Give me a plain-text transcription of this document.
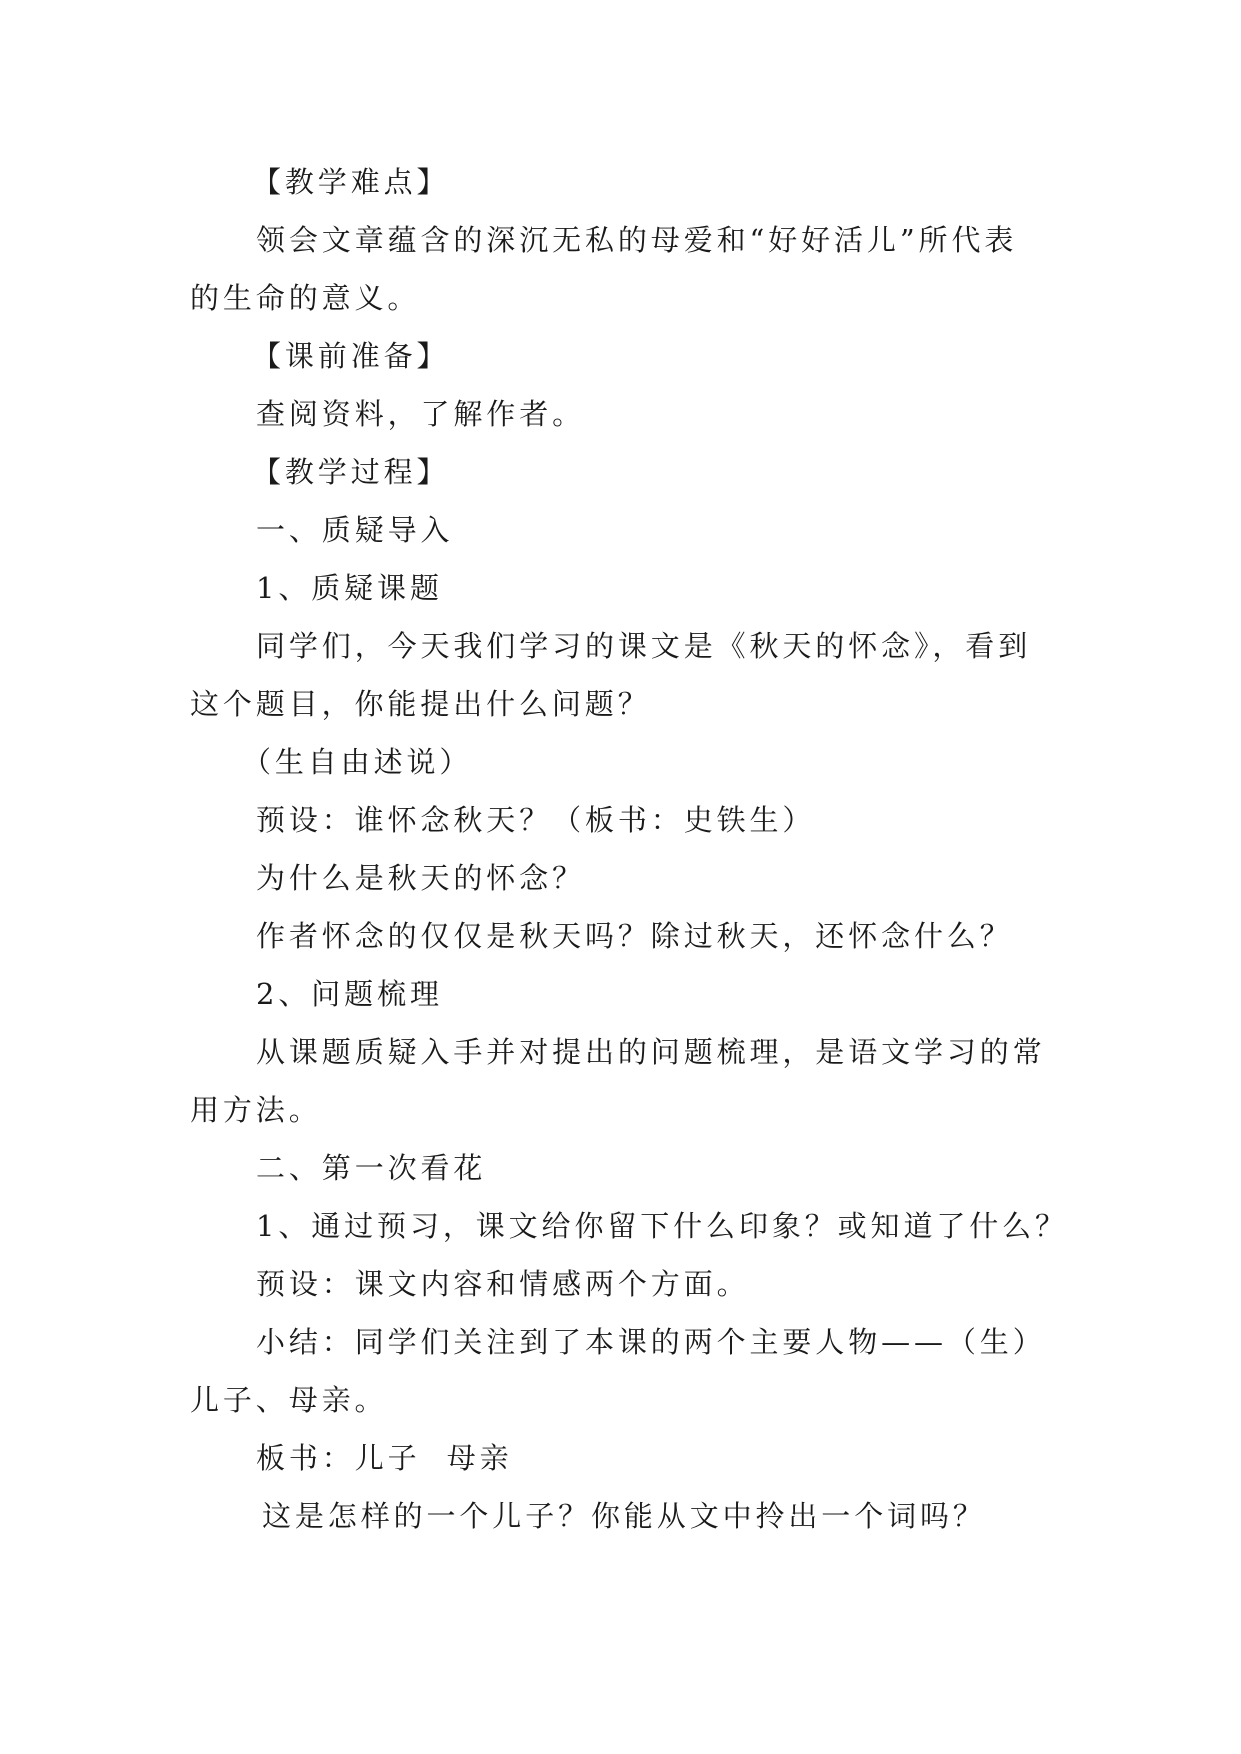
【教学难点】
领会文章蕴含的深沉无私的母爱和“好好活儿”所代表
的生命的意义。
【课前准备】
查阅资料，了解作者。
【教学过程】
一、质疑导入
1、质疑课题
同学们，今天我们学习的课文是《秋天的怀念》，看到
这个题目，你能提出什么问题？
（生自由述说）
预设：谁怀念秋天？（板书：史铁生）
为什么是秋天的怀念？
作者怀念的仅仅是秋天吗？除过秋天，还怀念什么？
2、问题梳理
从课题质疑入手并对提出的问题梳理，是语文学习的常
用方法。
二、第一次看花
1、通过预习，课文给你留下什么印象？或知道了什么？
预设：课文内容和情感两个方面。
小结：同学们关注到了本课的两个主要人物——（生）
儿子、母亲。
板书：儿子  母亲
这是怎样的一个儿子？你能从文中拎出一个词吗？
